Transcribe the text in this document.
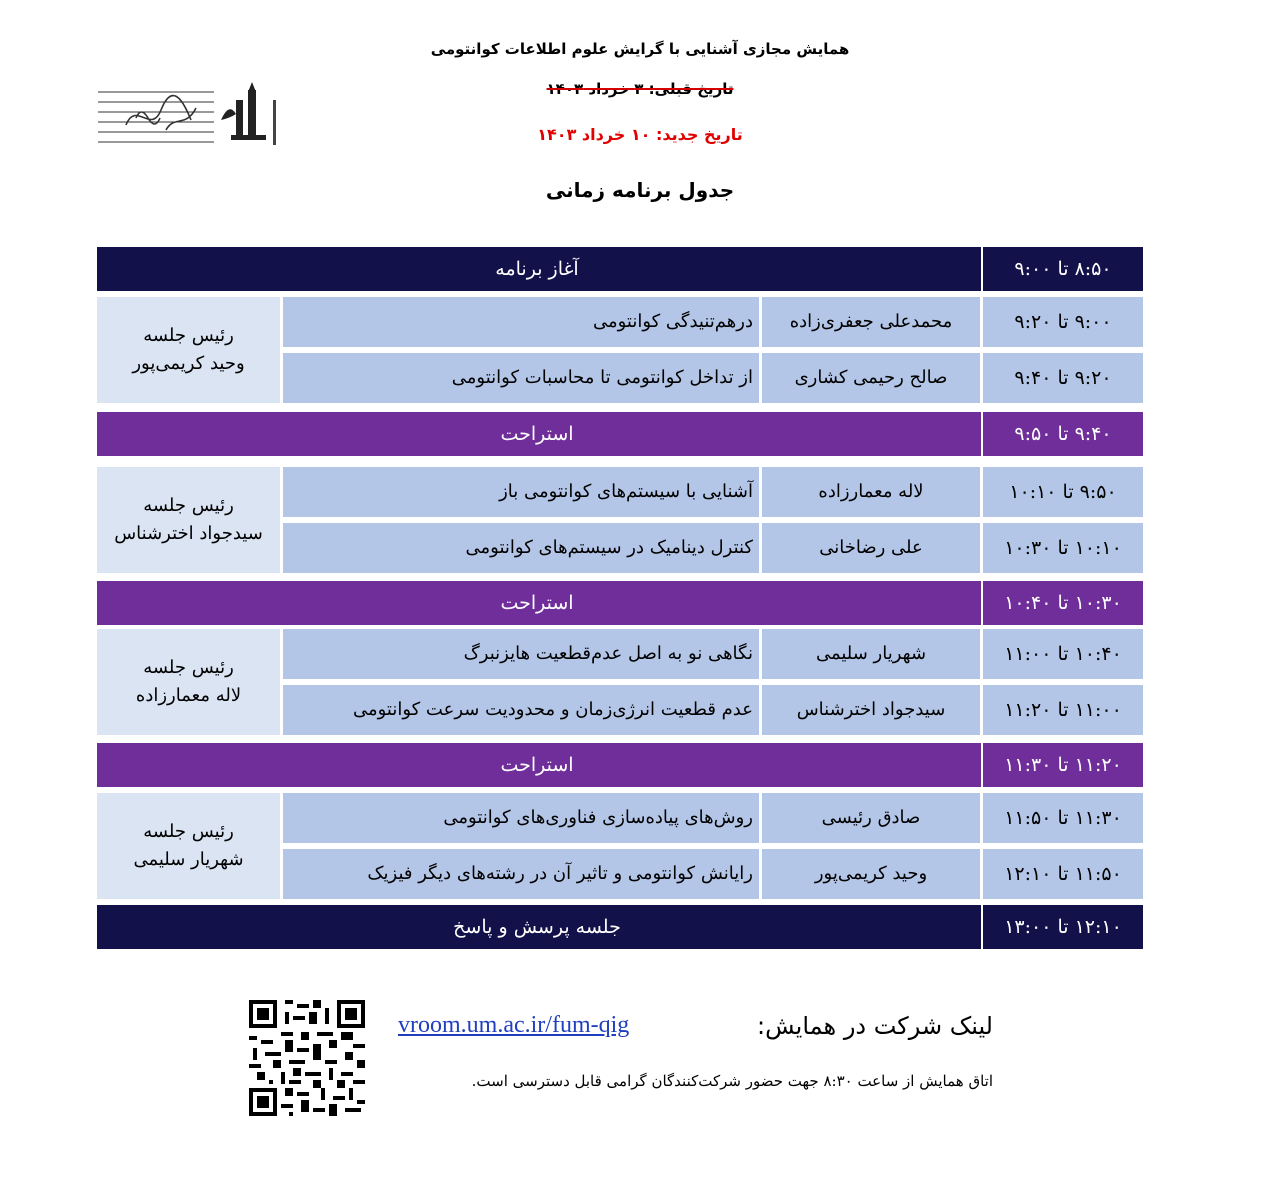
همایش مجازی آشنایی با گرایش علوم اطلاعات کوانتومی
تاریخ قبلی: ۳ خرداد ۱۴۰۳
تاریخ جدید: ۱۰ خرداد ۱۴۰۳
جدول برنامه زمانی
آغاز برنامه	۸:۵۰ تا ۹:۰۰
رئیس جلسه
وحید کریمی‌پور
درهم‌تنیدگی کوانتومی	محمدعلی جعفری‌زاده	۹:۰۰ تا ۹:۲۰
از تداخل کوانتومی تا محاسبات کوانتومی	صالح رحیمی کشاری	۹:۲۰ تا ۹:۴۰
استراحت	۹:۴۰ تا ۹:۵۰
رئیس جلسه
سیدجواد اخترشناس
آشنایی با سیستم‌های کوانتومی باز	لاله معمارزاده	۹:۵۰ تا ۱۰:۱۰
کنترل دینامیک در سیستم‌های کوانتومی	علی رضاخانی	۱۰:۱۰ تا ۱۰:۳۰
استراحت	۱۰:۳۰ تا ۱۰:۴۰
رئیس جلسه
لاله معمارزاده
نگاهی نو به اصل عدم‌قطعیت هایزنبرگ	شهریار سلیمی	۱۰:۴۰ تا ۱۱:۰۰
عدم قطعیت انرژی‌زمان و محدودیت سرعت کوانتومی	سیدجواد اخترشناس	۱۱:۰۰ تا ۱۱:۲۰
استراحت	۱۱:۲۰ تا ۱۱:۳۰
رئیس جلسه
شهریار سلیمی
روش‌های پیاده‌سازی فناوری‌های کوانتومی	صادق رئیسی	۱۱:۳۰ تا ۱۱:۵۰
رایانش کوانتومی و تاثیر آن در رشته‌های دیگر فیزیک	وحید کریمی‌پور	۱۱:۵۰ تا ۱۲:۱۰
جلسه پرسش و پاسخ	۱۲:۱۰ تا ۱۳:۰۰
لینک شرکت در همایش:
vroom.um.ac.ir/fum-qig
اتاق همایش از ساعت ۸:۳۰ جهت حضور شرکت‌کنندگان گرامی قابل دسترسی است.
